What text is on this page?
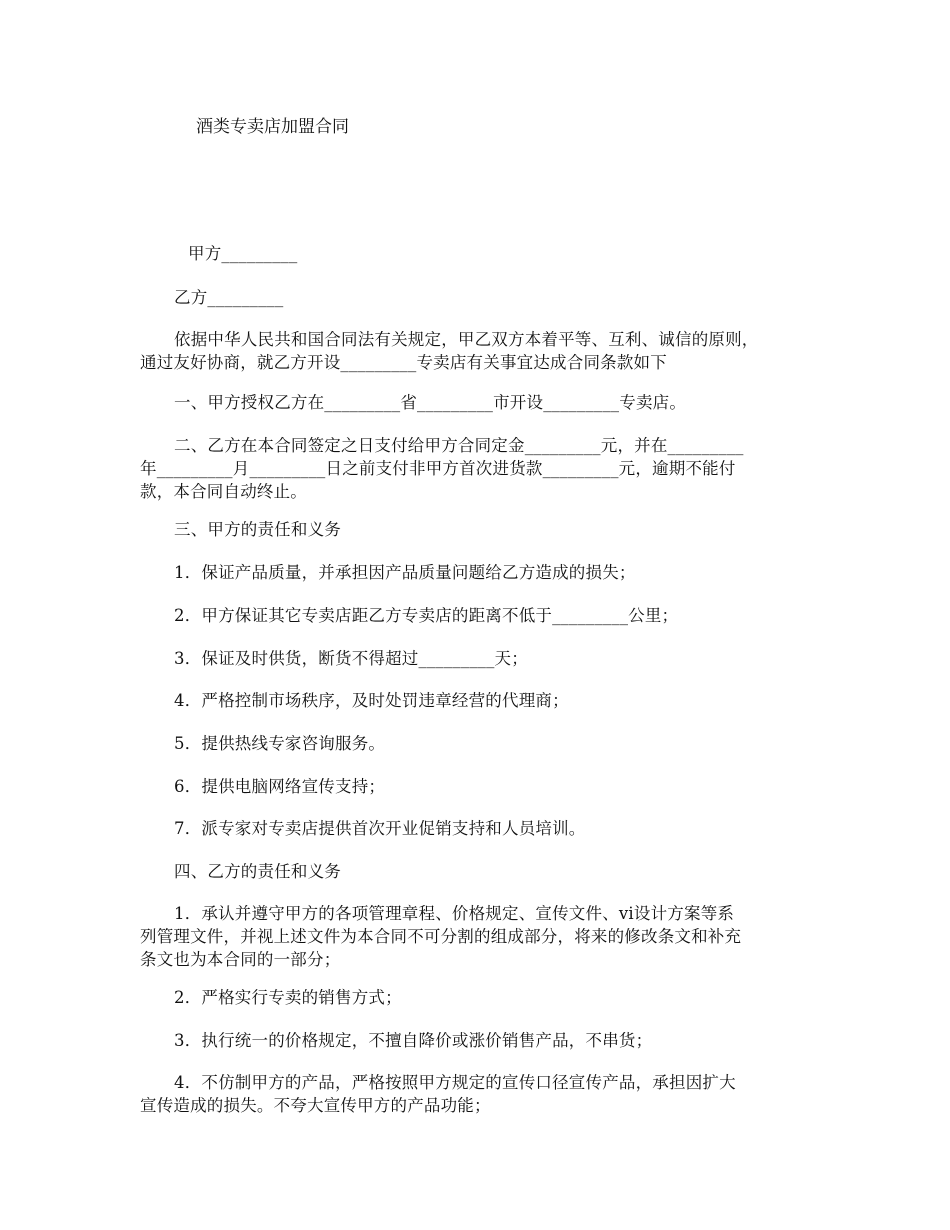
酒类专卖店加盟合同

甲方_________

乙方_________

依据中华人民共和国合同法有关规定，甲乙双方本着平等、互利、诚信的原则，
通过友好协商，就乙方开设_________专卖店有关事宜达成合同条款如下

一、甲方授权乙方在_________省_________市开设_________专卖店。

二、乙方在本合同签定之日支付给甲方合同定金_________元，并在_________
年_________月_________日之前支付非甲方首次进货款_________元，逾期不能付
款，本合同自动终止。

三、甲方的责任和义务

1．保证产品质量，并承担因产品质量问题给乙方造成的损失；

2．甲方保证其它专卖店距乙方专卖店的距离不低于_________公里；

3．保证及时供货，断货不得超过_________天；

4．严格控制市场秩序，及时处罚违章经营的代理商；

5．提供热线专家咨询服务。

6．提供电脑网络宣传支持；

7．派专家对专卖店提供首次开业促销支持和人员培训。

四、乙方的责任和义务

1．承认并遵守甲方的各项管理章程、价格规定、宣传文件、vi设计方案等系
列管理文件，并视上述文件为本合同不可分割的组成部分，将来的修改条文和补充
条文也为本合同的一部分；

2．严格实行专卖的销售方式；

3．执行统一的价格规定，不擅自降价或涨价销售产品，不串货；

4．不仿制甲方的产品，严格按照甲方规定的宣传口径宣传产品，承担因扩大
宣传造成的损失。不夸大宣传甲方的产品功能；
